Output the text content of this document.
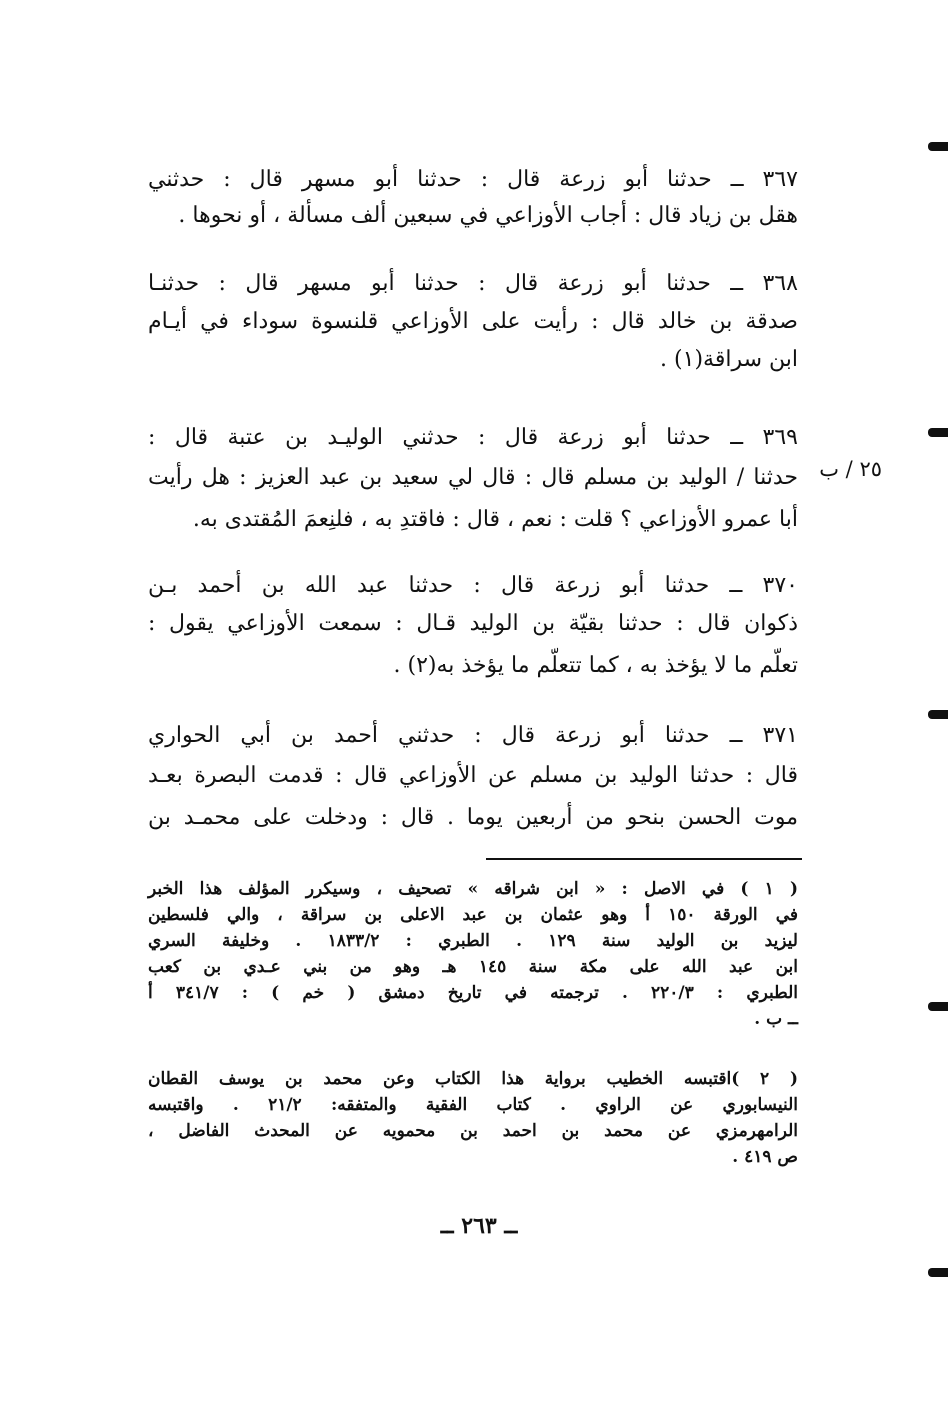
٣٦٧ ــ حدثنا أبو زرعة قال : حدثنا أبو مسهر قال : حدثني
هقل بن زياد قال : أجاب الأوزاعي في سبعين ألف مسألة ، أو نحوها .
٣٦٨ ــ حدثنا أبو زرعة قال : حدثنا أبو مسهر قال : حدثنـا
صدقة بن خالد قال : رأيت على الأوزاعي قلنسوة سوداء في أيـام
ابن سراقة(١) .
٣٦٩ ــ حدثنا أبو زرعة قال : حدثني الوليـد بن عتبة قال :
٢٥ / ب
حدثنا / الوليد بن مسلم قال : قال لي سعيد بن عبد العزيز : هل رأيت
أبا عمرو الأوزاعي ؟ قلت : نعم ، قال : فاقتدِ به ، فلنِعمَ المُقتدى به.
٣٧٠ ــ حدثنا أبو زرعة قال : حدثنا عبد الله بن أحمد بـن
ذكوان قال : حدثنا بقيّة بن الوليد قـال : سمعت الأوزاعي يقول :
تعلّم ما لا يؤخذ به ، كما تتعلّم ما يؤخذ به(٢) .
٣٧١ ــ حدثنا أبو زرعة قال : حدثني أحمد بن أبي الحواري
قال : حدثنا الوليد بن مسلم عن الأوزاعي قال : قدمت البصرة بعـد
موت الحسن بنحو من أربعين يوما . قال : ودخلت على محمـد بن
( ١ ) في الاصل : « ابن شراقه » تصحيف ، وسيكرر المؤلف هذا الخبر
في الورقة ١٥٠ أ وهو عثمان بن عبد الاعلى بن سراقة ، والي فلسطين
ليزيد بن الوليد سنة ١٢٩ . الطبري : ١٨٣٣/٢ . وخليفة السري
ابن عبد الله على مكة سنة ١٤٥ هـ وهو من بني عـدي بن كعب
الطبري : ٢٢٠/٣ . ترجمته في تاريخ دمشق ( خم ) : ٣٤١/٧ أ
ــ ب .
( ٢ )اقتبسه الخطيب برواية هذا الكتاب وعن محمد بن يوسف القطان
النيسابوري عن الراوي . كتاب الفقية والمتفقه: ٢١/٢ . واقتبسه
الرامهرمزي عن محمد بن احمد بن محمويه عن المحدث الفاضل ،
ص ٤١٩ .
ــ ٢٦٣ ــ
